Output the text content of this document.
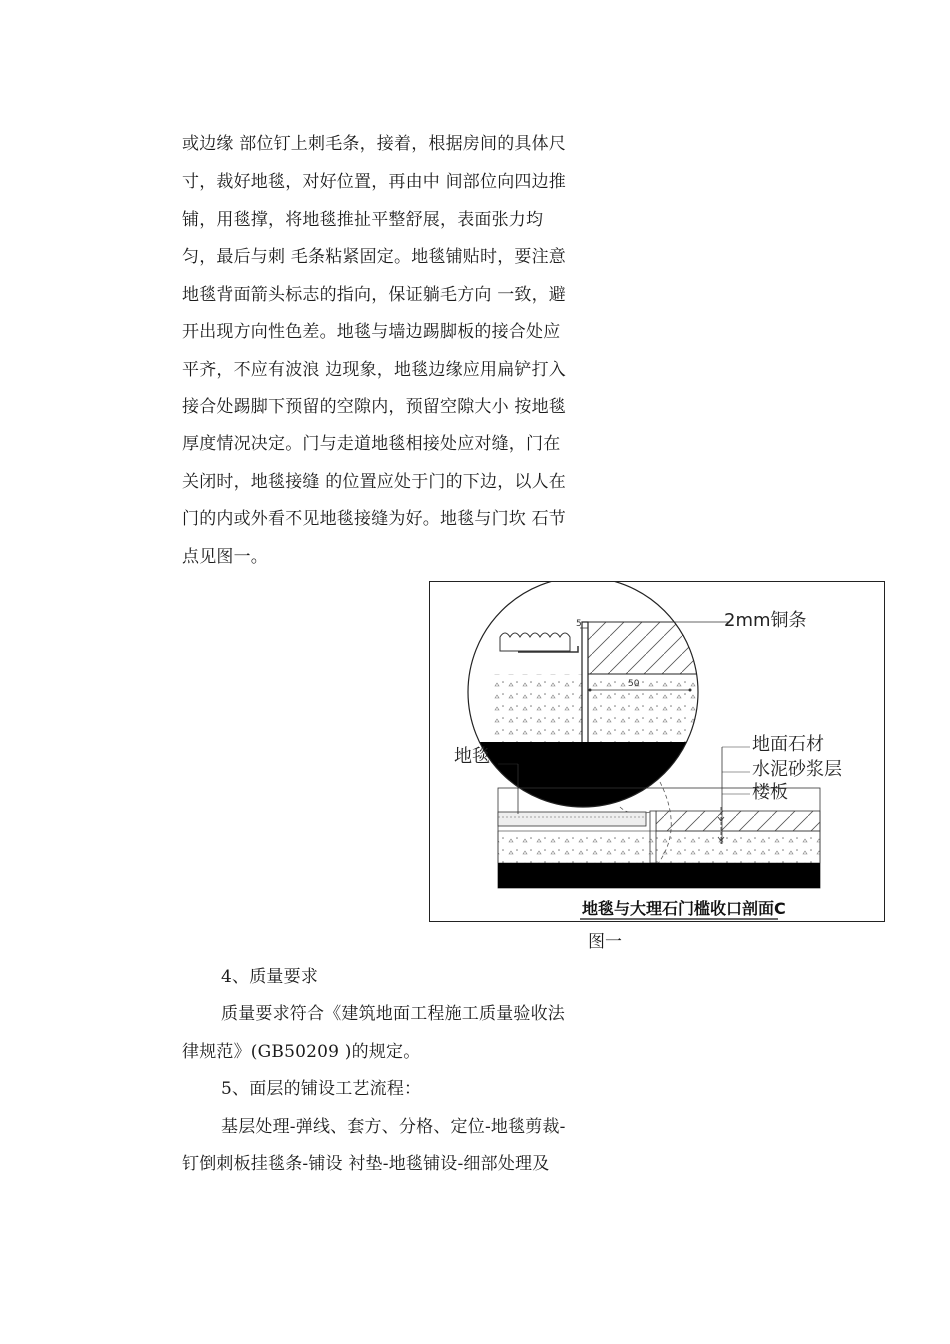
或边缘 部位钉上刺毛条，接着，根据房间的具体尺
寸，裁好地毯，对好位置，再由中 间部位向四边推
铺，用毯撑，将地毯推扯平整舒展，表面张力均
匀，最后与刺 毛条粘紧固定。地毯铺贴时，要注意
地毯背面箭头标志的指向，保证躺毛方向 一致，避
开出现方向性色差。地毯与墙边踢脚板的接合处应
平齐，不应有波浪 边现象，地毯边缘应用扁铲打入
接合处踢脚下预留的空隙内，预留空隙大小 按地毯
厚度情况决定。门与走道地毯相接处应对缝，门在
关闭时，地毯接缝 的位置应处于门的下边，以人在
门的内或外看不见地毯接缝为好。地毯与门坎 石节
点见图一。
5
50
2mm铜条
地毯
地面石材
水泥砂浆层
楼板
地毯与大理石门槛收口剖面C
图一
4、质量要求
质量要求符合《建筑地面工程施工质量验收法
律规范》(GB50209 )的规定。
5、面层的铺设工艺流程：
基层处理-弹线、套方、分格、定位-地毯剪裁-
钉倒刺板挂毯条-铺设 衬垫-地毯铺设-细部处理及
